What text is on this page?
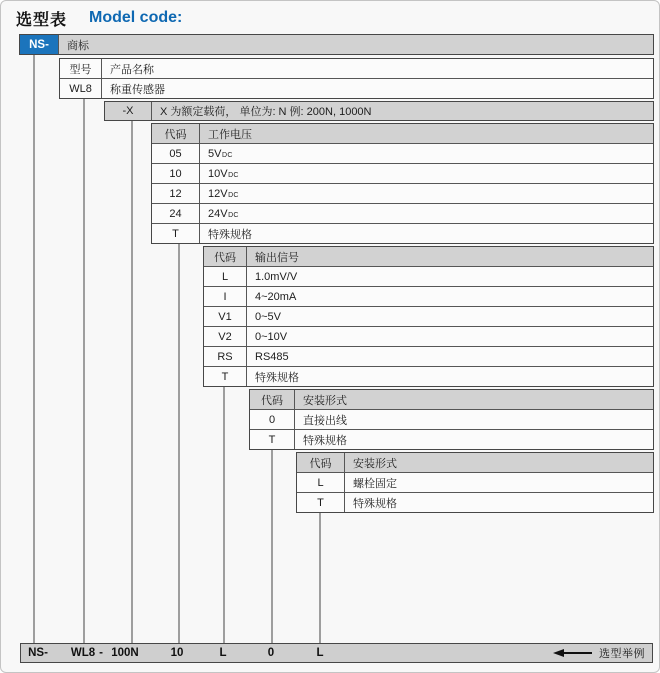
选型表 Model code:
NS-	商标
型号	产品名称
WL8	称重传感器
-X	X 为额定载荷， 单位为: N 例: 200N, 1000N
代码	工作电压
05	5V DC
10	10V DC
12	12V DC
24	24V DC
T	特殊规格
代码	输出信号
L	1.0mV/V
I	4~20mA
V1	0~5V
V2	0~10V
RS	RS485
T	特殊规格
代码	安装形式
0	直接出线
T	特殊规格
代码	安装形式
L	螺栓固定
T	特殊规格
选型举例
NS- WL8 - 100N	10	L	0	L
